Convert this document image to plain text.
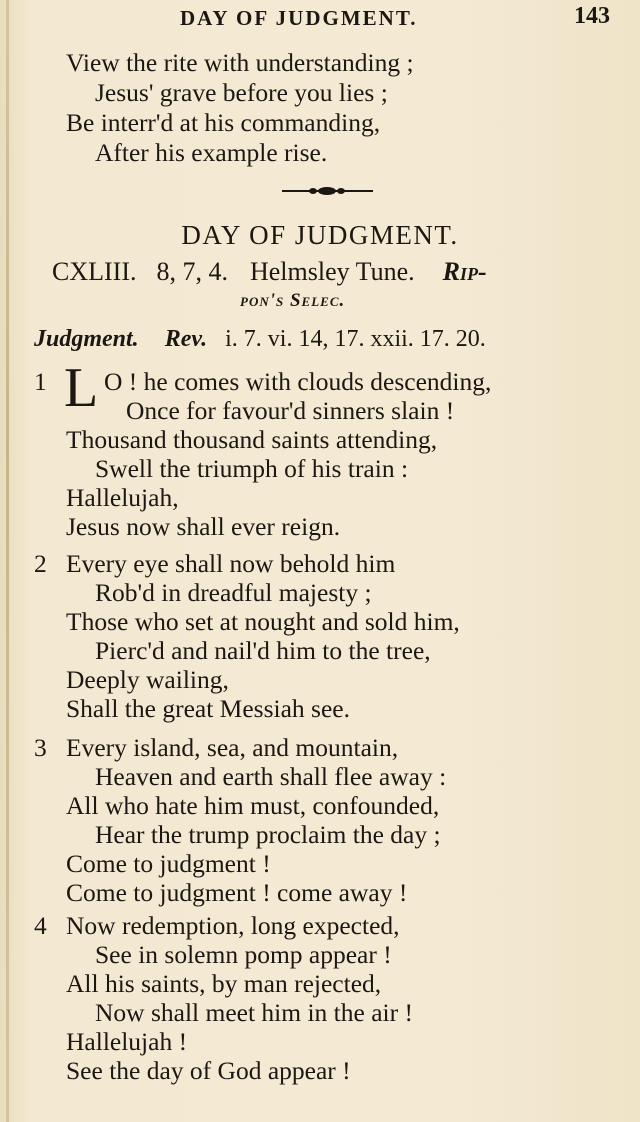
DAY OF JUDGMENT.	143
View the rite with understanding ;
Jesus' grave before you lies ;
Be interr'd at his commanding,
After his example rise.
DAY OF JUDGMENT.
CXLIII. 8, 7, 4. Helmsley Tune. Rip-
pon's Selec.
Judgment. Rev. i. 7. vi. 14, 17. xxii. 17. 20.
1 L O ! he comes with clouds descending,
Once for favour'd sinners slain !
Thousand thousand saints attending,
Swell the triumph of his train :
Hallelujah,
Jesus now shall ever reign.
2 Every eye shall now behold him
Rob'd in dreadful majesty ;
Those who set at nought and sold him,
Pierc'd and nail'd him to the tree,
Deeply wailing,
Shall the great Messiah see.
3 Every island, sea, and mountain,
Heaven and earth shall flee away :
All who hate him must, confounded,
Hear the trump proclaim the day ;
Come to judgment !
Come to judgment ! come away !
4 Now redemption, long expected,
See in solemn pomp appear !
All his saints, by man rejected,
Now shall meet him in the air !
Hallelujah !
See the day of God appear !
